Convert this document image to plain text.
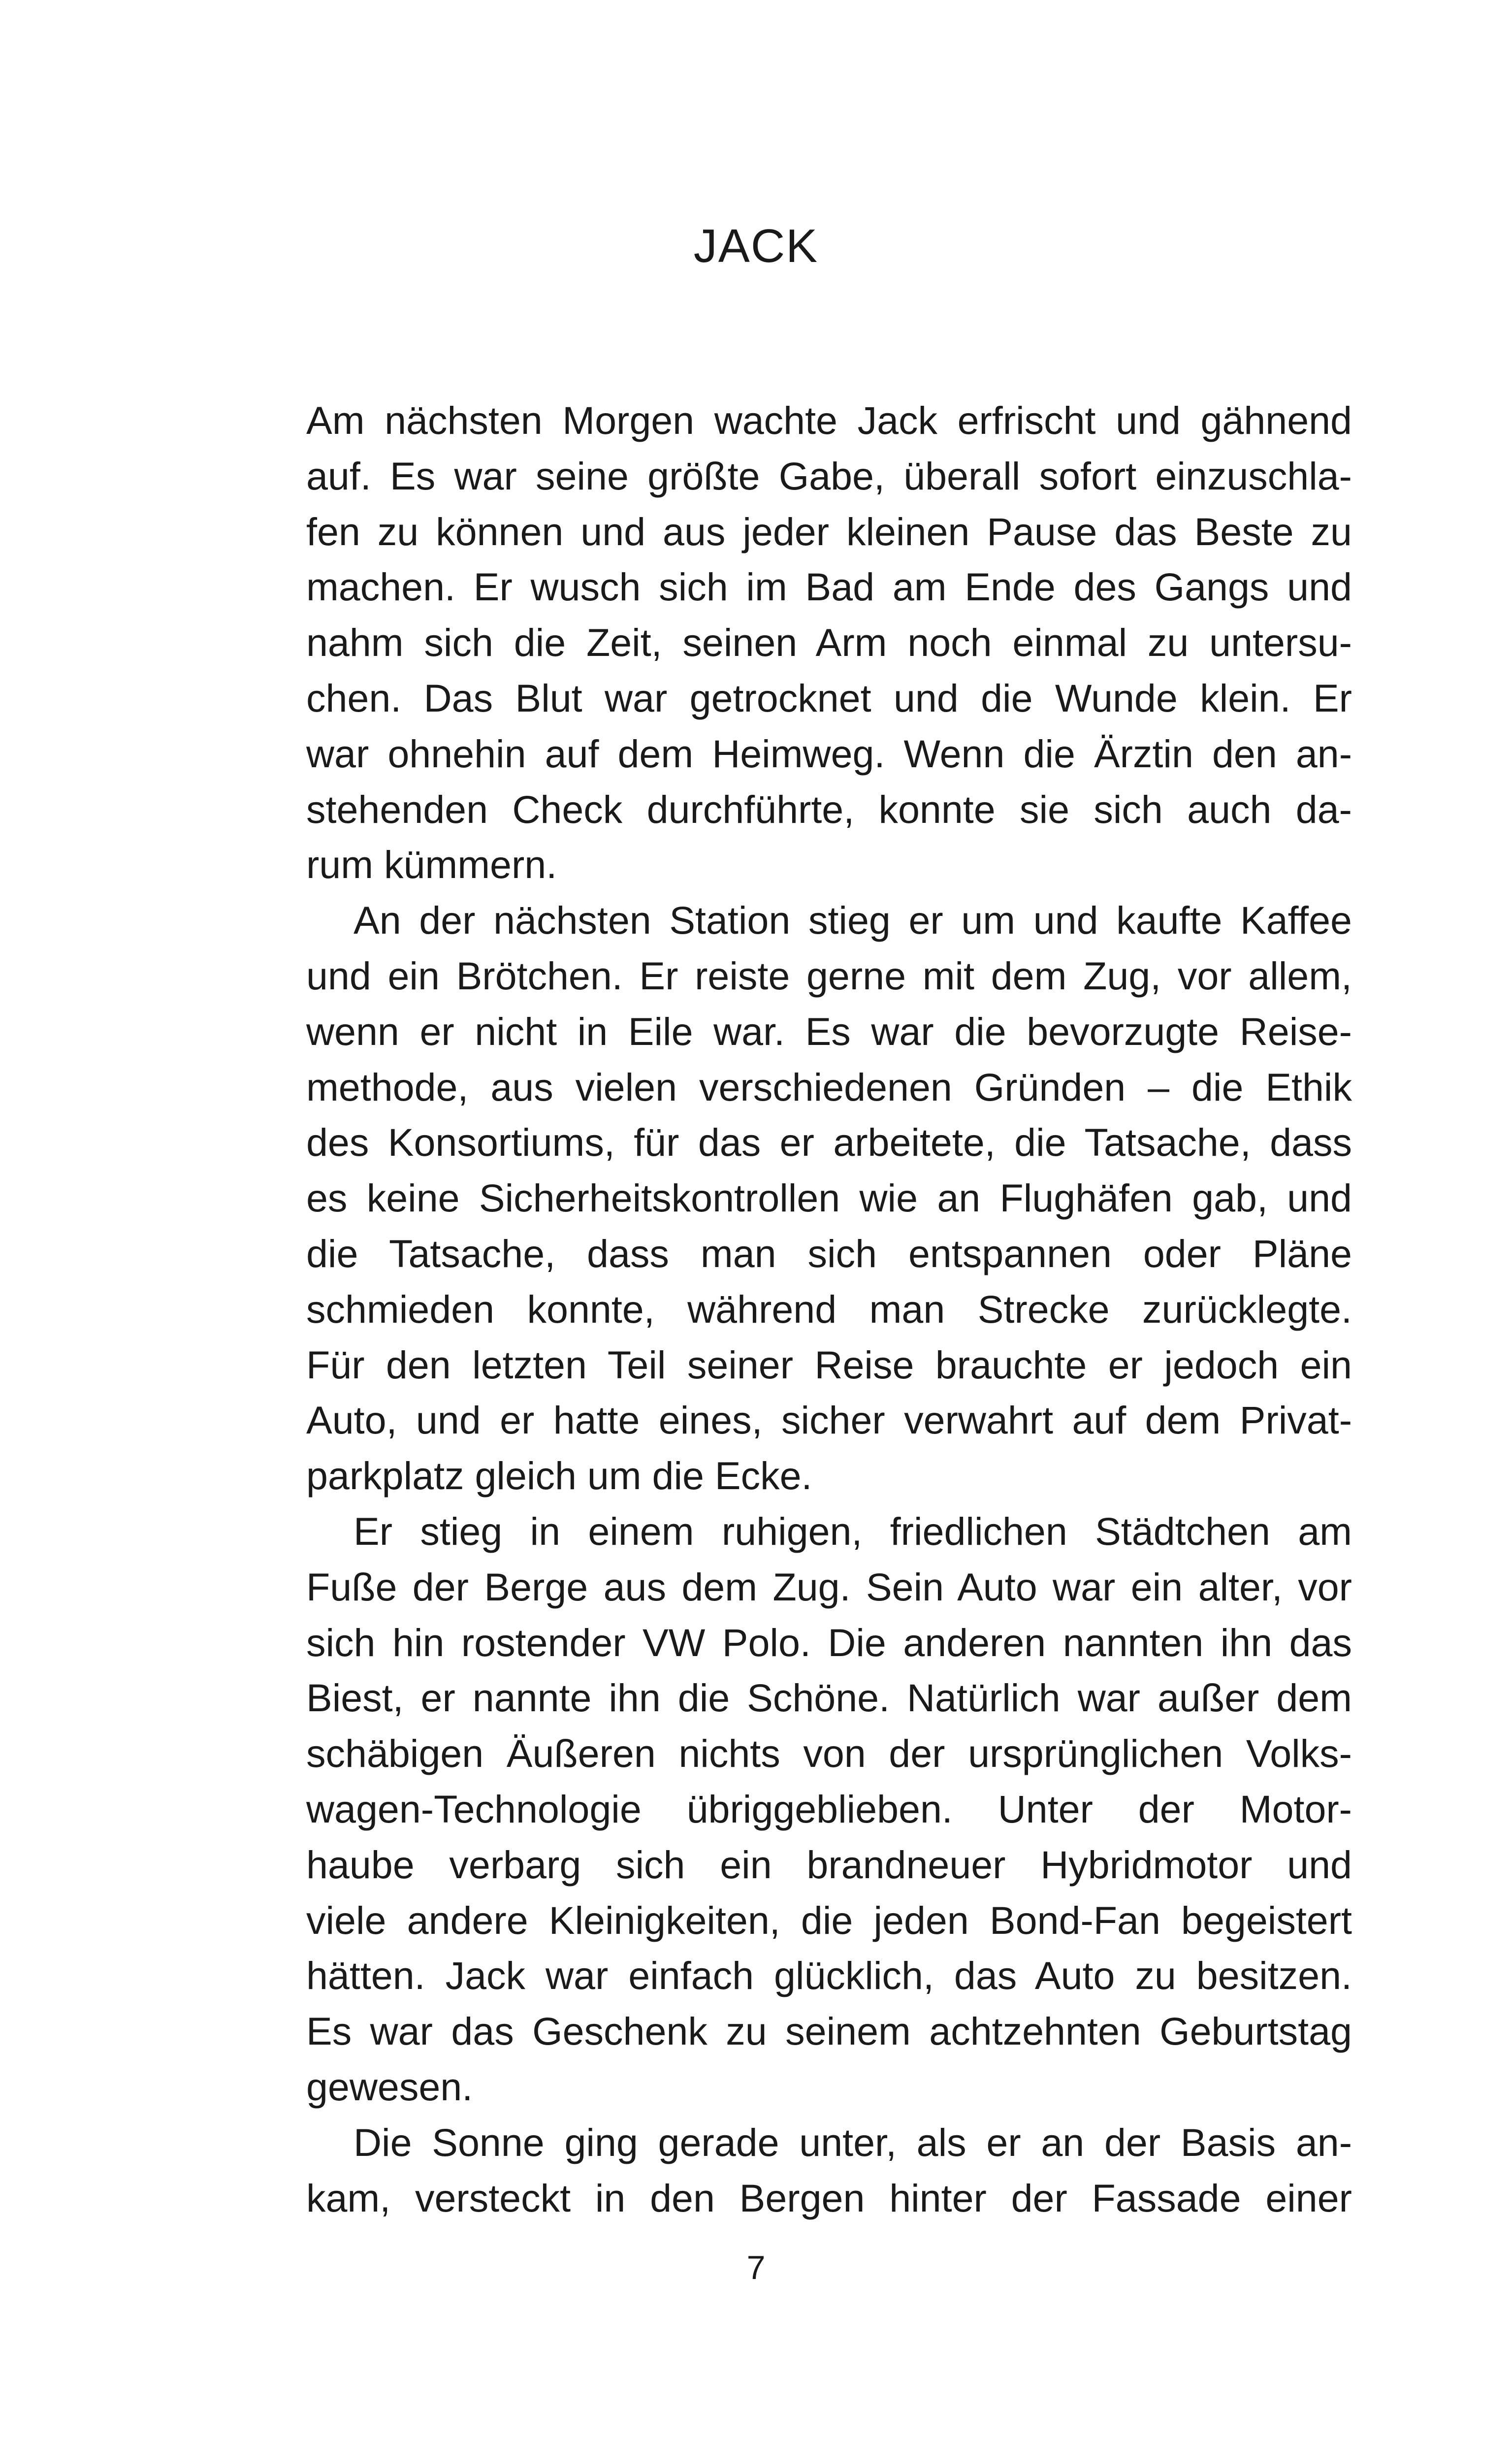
JACK
Am nächsten Morgen wachte Jack erfrischt und gähnend
auf. Es war seine größte Gabe, überall sofort einzuschla-
fen zu können und aus jeder kleinen Pause das Beste zu
machen. Er wusch sich im Bad am Ende des Gangs und
nahm sich die Zeit, seinen Arm noch einmal zu untersu-
chen. Das Blut war getrocknet und die Wunde klein. Er
war ohnehin auf dem Heimweg. Wenn die Ärztin den an-
stehenden Check durchführte, konnte sie sich auch da-
rum kümmern.
An der nächsten Station stieg er um und kaufte Kaffee
und ein Brötchen. Er reiste gerne mit dem Zug, vor allem,
wenn er nicht in Eile war. Es war die bevorzugte Reise-
methode, aus vielen verschiedenen Gründen – die Ethik
des Konsortiums, für das er arbeitete, die Tatsache, dass
es keine Sicherheitskontrollen wie an Flughäfen gab, und
die Tatsache, dass man sich entspannen oder Pläne
schmieden konnte, während man Strecke zurücklegte.
Für den letzten Teil seiner Reise brauchte er jedoch ein
Auto, und er hatte eines, sicher verwahrt auf dem Privat-
parkplatz gleich um die Ecke.
Er stieg in einem ruhigen, friedlichen Städtchen am
Fuße der Berge aus dem Zug. Sein Auto war ein alter, vor
sich hin rostender VW Polo. Die anderen nannten ihn das
Biest, er nannte ihn die Schöne. Natürlich war außer dem
schäbigen Äußeren nichts von der ursprünglichen Volks-
wagen-Technologie übriggeblieben. Unter der Motor-
haube verbarg sich ein brandneuer Hybridmotor und
viele andere Kleinigkeiten, die jeden Bond-Fan begeistert
hätten. Jack war einfach glücklich, das Auto zu besitzen.
Es war das Geschenk zu seinem achtzehnten Geburtstag
gewesen.
Die Sonne ging gerade unter, als er an der Basis an-
kam, versteckt in den Bergen hinter der Fassade einer
7
